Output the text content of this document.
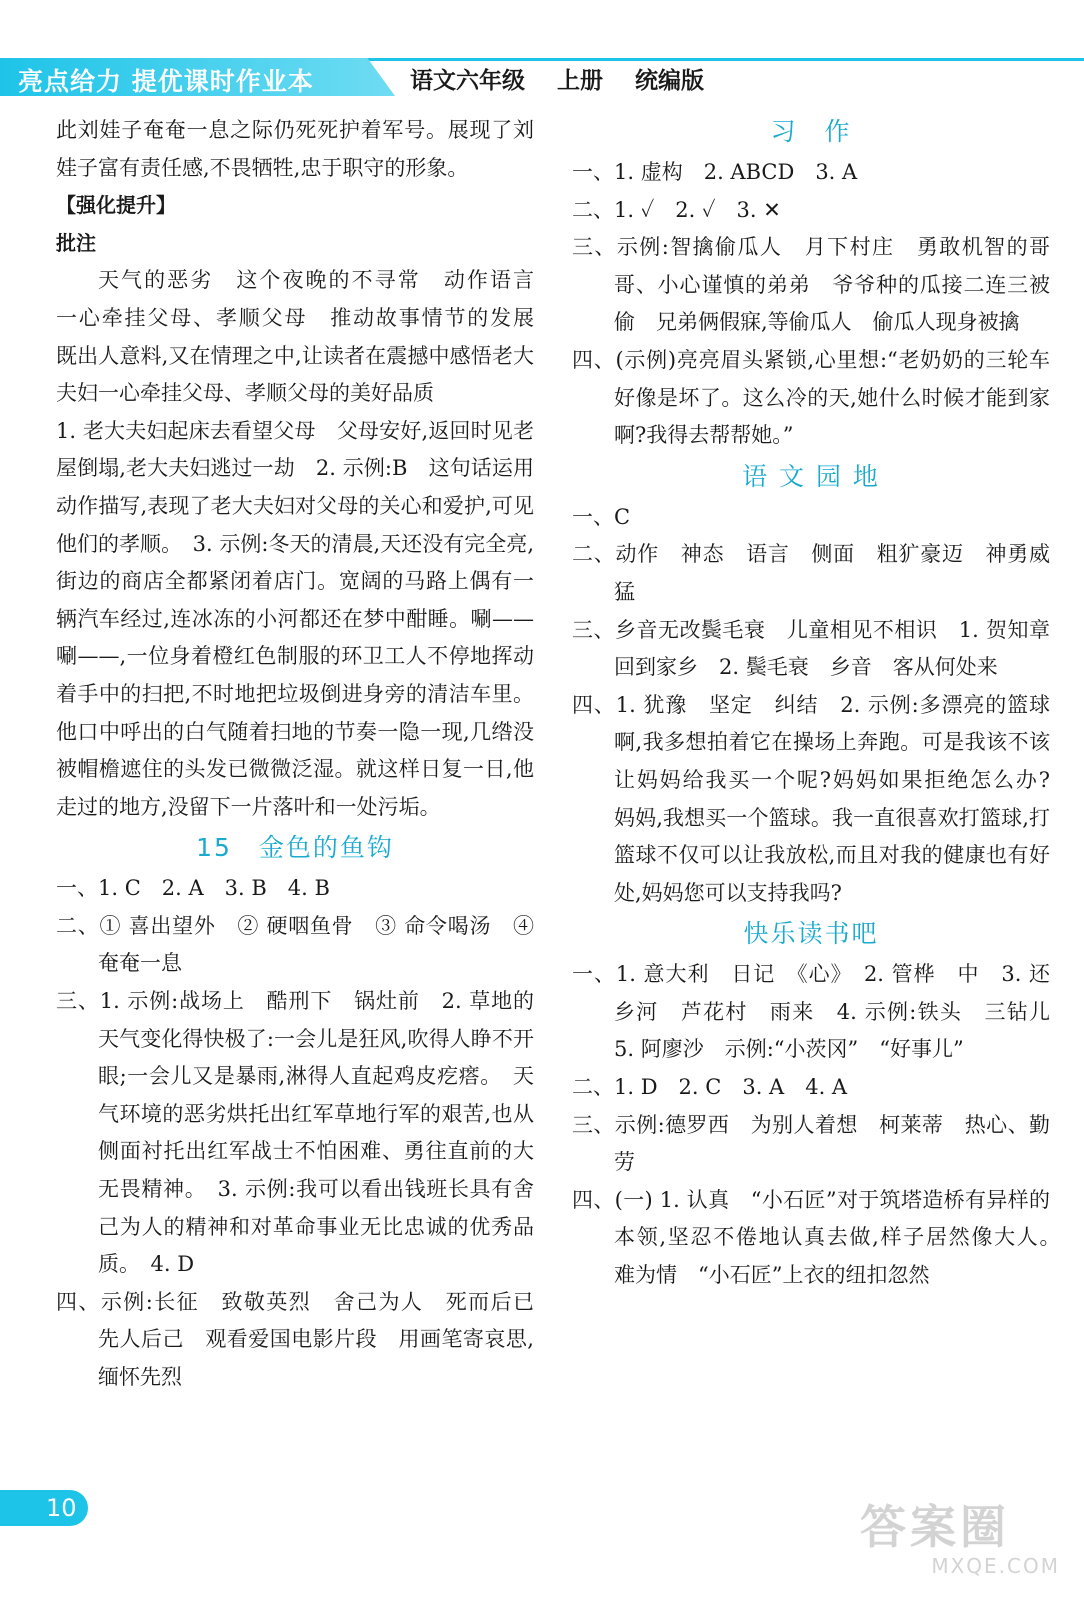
亮点给力 提优课时作业本	语文六年级    上册    统编版

此刘娃子奄奄一息之际仍死死护着军号。展现了刘娃子富有责任感,不畏牺牲,忠于职守的形象。

【强化提升】

批注

天气的恶劣　这个夜晚的不寻常　动作语言　一心牵挂父母、孝顺父母　推动故事情节的发展　既出人意料,又在情理之中,让读者在震撼中感悟老大夫妇一心牵挂父母、孝顺父母的美好品质

1. 老大夫妇起床去看望父母　父母安好,返回时见老屋倒塌,老大夫妇逃过一劫　2. 示例:B　这句话运用动作描写,表现了老大夫妇对父母的关心和爱护,可见他们的孝顺。　3. 示例:冬天的清晨,天还没有完全亮,街边的商店全都紧闭着店门。宽阔的马路上偶有一辆汽车经过,连冰冻的小河都还在梦中酣睡。唰——唰——,一位身着橙红色制服的环卫工人不停地挥动着手中的扫把,不时地把垃圾倒进身旁的清洁车里。他口中呼出的白气随着扫地的节奏一隐一现,几绺没被帽檐遮住的头发已微微泛湿。就这样日复一日,他走过的地方,没留下一片落叶和一处污垢。

15　金色的鱼钩

一、1. C　2. A　3. B　4. B

二、① 喜出望外　② 硬咽鱼骨　③ 命令喝汤　④ 奄奄一息

三、1. 示例:战场上　酷刑下　锅灶前　2. 草地的天气变化得快极了:一会儿是狂风,吹得人睁不开眼;一会儿又是暴雨,淋得人直起鸡皮疙瘩。　天气环境的恶劣烘托出红军草地行军的艰苦,也从侧面衬托出红军战士不怕困难、勇往直前的大无畏精神。　3. 示例:我可以看出钱班长具有舍己为人的精神和对革命事业无比忠诚的优秀品质。　4. D

四、示例:长征　致敬英烈　舍己为人　死而后已　先人后己　观看爱国电影片段　用画笔寄哀思,缅怀先烈

习　作

一、1. 虚构　2. ABCD　3. A

二、1. ✓　2. ✓　3. ✕

三、示例:智擒偷瓜人　月下村庄　勇敢机智的哥哥、小心谨慎的弟弟　爷爷种的瓜接二连三被偷　兄弟俩假寐,等偷瓜人　偷瓜人现身被擒

四、(示例)亮亮眉头紧锁,心里想:“老奶奶的三轮车好像是坏了。这么冷的天,她什么时候才能到家啊?我得去帮帮她。”

语 文 园 地

一、C

二、动作　神态　语言　侧面　粗犷豪迈　神勇威猛

三、乡音无改鬓毛衰　儿童相见不相识　1. 贺知章　回到家乡　2. 鬓毛衰　乡音　客从何处来

四、1. 犹豫　坚定　纠结　2. 示例:多漂亮的篮球啊,我多想拍着它在操场上奔跑。可是我该不该让妈妈给我买一个呢?妈妈如果拒绝怎么办?　妈妈,我想买一个篮球。我一直很喜欢打篮球,打篮球不仅可以让我放松,而且对我的健康也有好处,妈妈您可以支持我吗?

快乐读书吧

一、1. 意大利　日记　《心》　2. 管桦　中　3. 还乡河　芦花村　雨来　4. 示例:铁头　三钻儿　5. 阿廖沙　示例:“小茨冈”　“好事儿”

二、1. D　2. C　3. A　4. A

三、示例:德罗西　为别人着想　柯莱蒂　热心、勤劳

四、(一) 1. 认真　“小石匠”对于筑塔造桥有异样的本领,坚忍不倦地认真去做,样子居然像大人。　难为情　“小石匠”上衣的纽扣忽然

10	答案圈
MXQE.COM
